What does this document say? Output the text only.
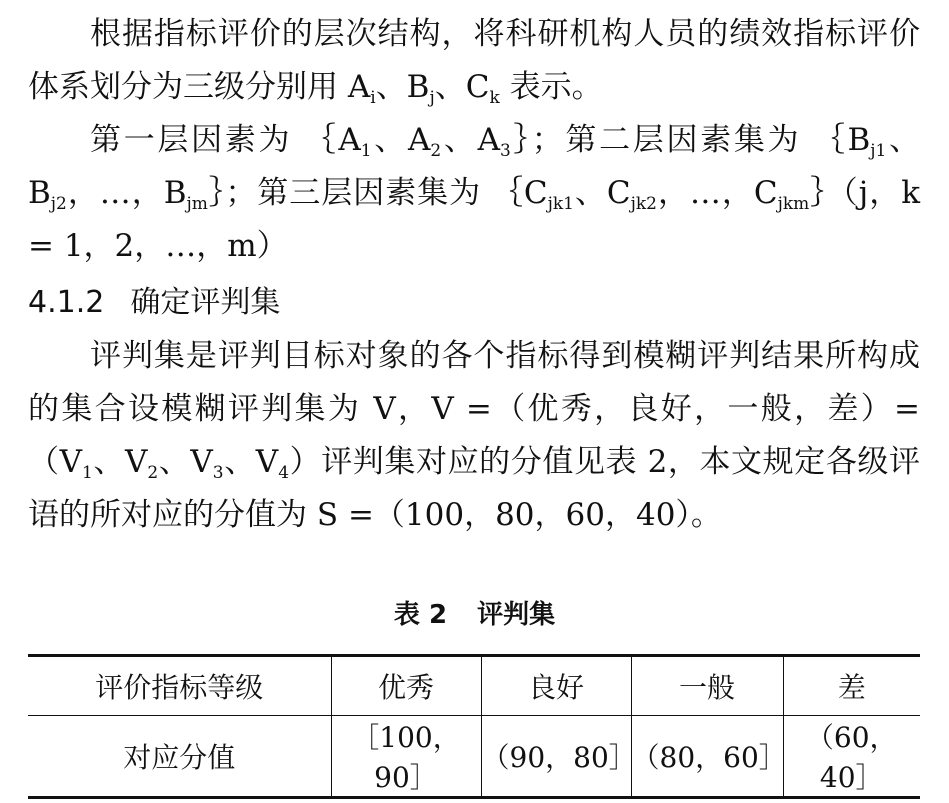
根据指标评价的层次结构，将科研机构人员的绩效指标评价体系划分为三级分别用 $A_i$、$B_j$、$C_k$ 表示。

第一层因素为 $\{A_1$、$A_2$、$A_3\}$；第二层因素集为 $\{B_{j1}$、$B_{j2}$，…，$B_{jm}\}$；第三层因素集为 $\{C_{jk1}$、$C_{jk2}$，…，$C_{jkm}\}(j$，k = 1，2，…，m）

4.1.2 确定评判集

评判集是评判目标对象的各个指标得到模糊评判结果所构成的集合设模糊评判集为 V，V =（优秀，良好，一般，差）$=(V_1$、$V_2$、$V_3$、$V_4$）评判集对应的分值见表 2，本文规定各级评语的所对应的分值为 S =（100，80，60，40）。

表 2 评判集
评价指标等级	优秀	良好	一般	差
对应分值	［100，90］	（90，80］	（80，60］	（60，40］
